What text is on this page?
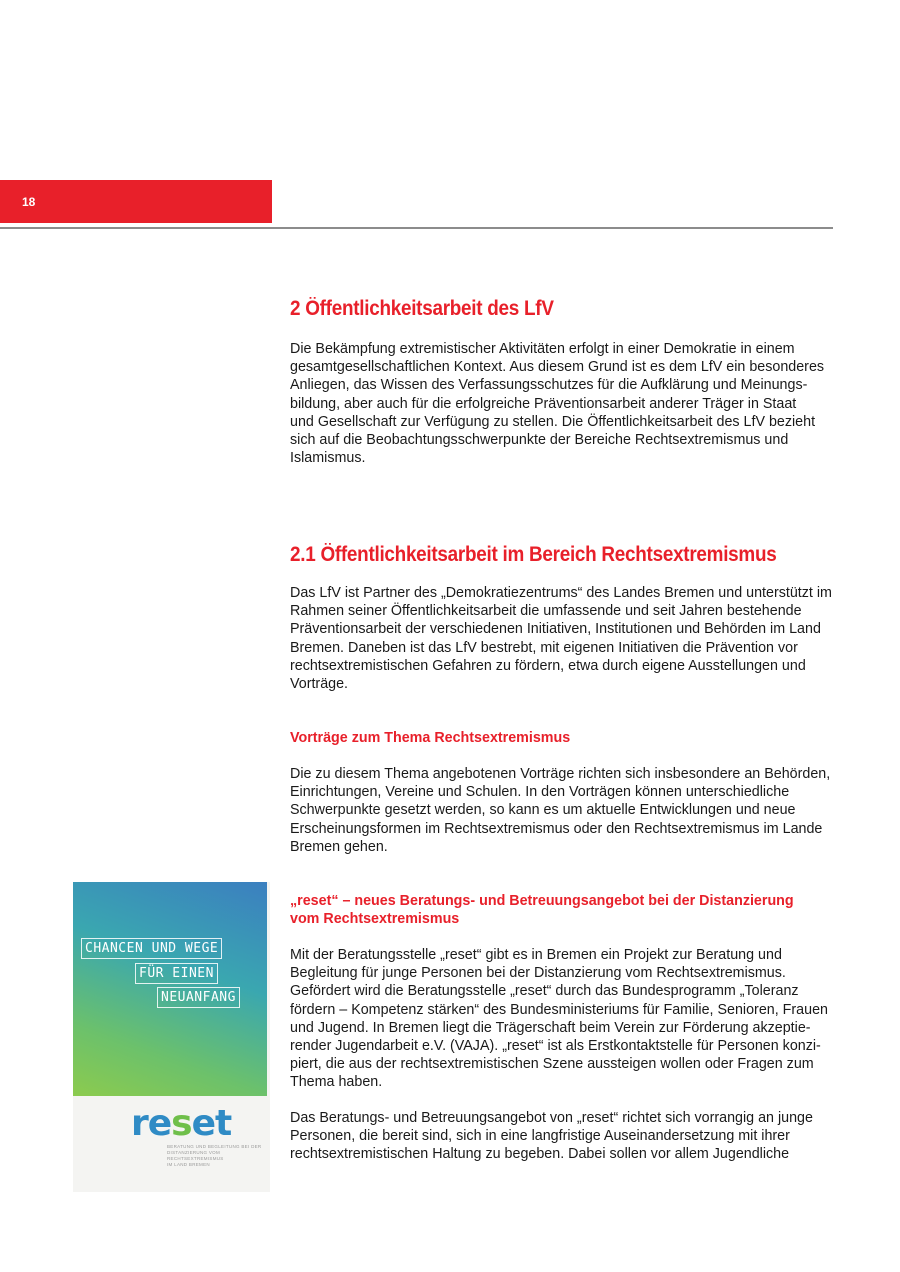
18
2 Öffentlichkeitsarbeit des LfV

Die Bekämpfung extremistischer Aktivitäten erfolgt in einer Demokratie in einem

gesamtgesellschaftlichen Kontext. Aus diesem Grund ist es dem LfV ein besonderes

Anliegen, das Wissen des Verfassungsschutzes für die Aufklärung und Meinungs-

bildung, aber auch für die erfolgreiche Präventionsarbeit anderer Träger in Staat

und Gesellschaft zur Verfügung zu stellen. Die Öffentlichkeitsarbeit des LfV bezieht

sich auf die Beobachtungsschwerpunkte der Bereiche Rechtsextremismus und

Islamismus.

2.1 Öffentlichkeitsarbeit im Bereich Rechtsextremismus

Das LfV ist Partner des „Demokratiezentrums“ des Landes Bremen und unterstützt im

Rahmen seiner Öffentlichkeitsarbeit die umfassende und seit Jahren bestehende

Präventionsarbeit der verschiedenen Initiativen, Institutionen und Behörden im Land

Bremen. Daneben ist das LfV bestrebt, mit eigenen Initiativen die Prävention vor

rechtsextremistischen Gefahren zu fördern, etwa durch eigene Ausstellungen und

Vorträge.

Vorträge zum Thema Rechtsextremismus

Die zu diesem Thema angebotenen Vorträge richten sich insbesondere an Behörden,

Einrichtungen, Vereine und Schulen. In den Vorträgen können unterschiedliche

Schwerpunkte gesetzt werden, so kann es um aktuelle Entwicklungen und neue

Erscheinungsformen im Rechtsextremismus oder den Rechtsextremismus im Lande

Bremen gehen.

„reset“ – neues Beratungs- und Betreuungsangebot bei der Distanzierung
vom Rechtsextremismus

Mit der Beratungsstelle „reset“ gibt es in Bremen ein Projekt zur Beratung und

Begleitung für junge Personen bei der Distanzierung vom Rechtsextremismus.

Gefördert wird die Beratungsstelle „reset“ durch das Bundesprogramm „Toleranz

fördern – Kompetenz stärken“ des Bundesministeriums für Familie, Senioren, Frauen

und Jugend. In Bremen liegt die Trägerschaft beim Verein zur Förderung akzeptie-

render Jugendarbeit e.V. (VAJA). „reset“ ist als Erstkontaktstelle für Personen konzi-

piert, die aus der rechtsextremistischen Szene aussteigen wollen oder Fragen zum

Thema haben.

Das Beratungs- und Betreuungsangebot von „reset“ richtet sich vorrangig an junge

Personen, die bereit sind, sich in eine langfristige Auseinandersetzung mit ihrer

rechtsextremistischen Haltung zu begeben. Dabei sollen vor allem Jugendliche

CHANCEN UND WEGE
FÜR EINEN
NEUANFANG
reset
BERATUNG UND BEGLEITUNG BEI DER
DISTANZIERUNG VOM RECHTSEXTREMISMUS
IM LAND BREMEN
